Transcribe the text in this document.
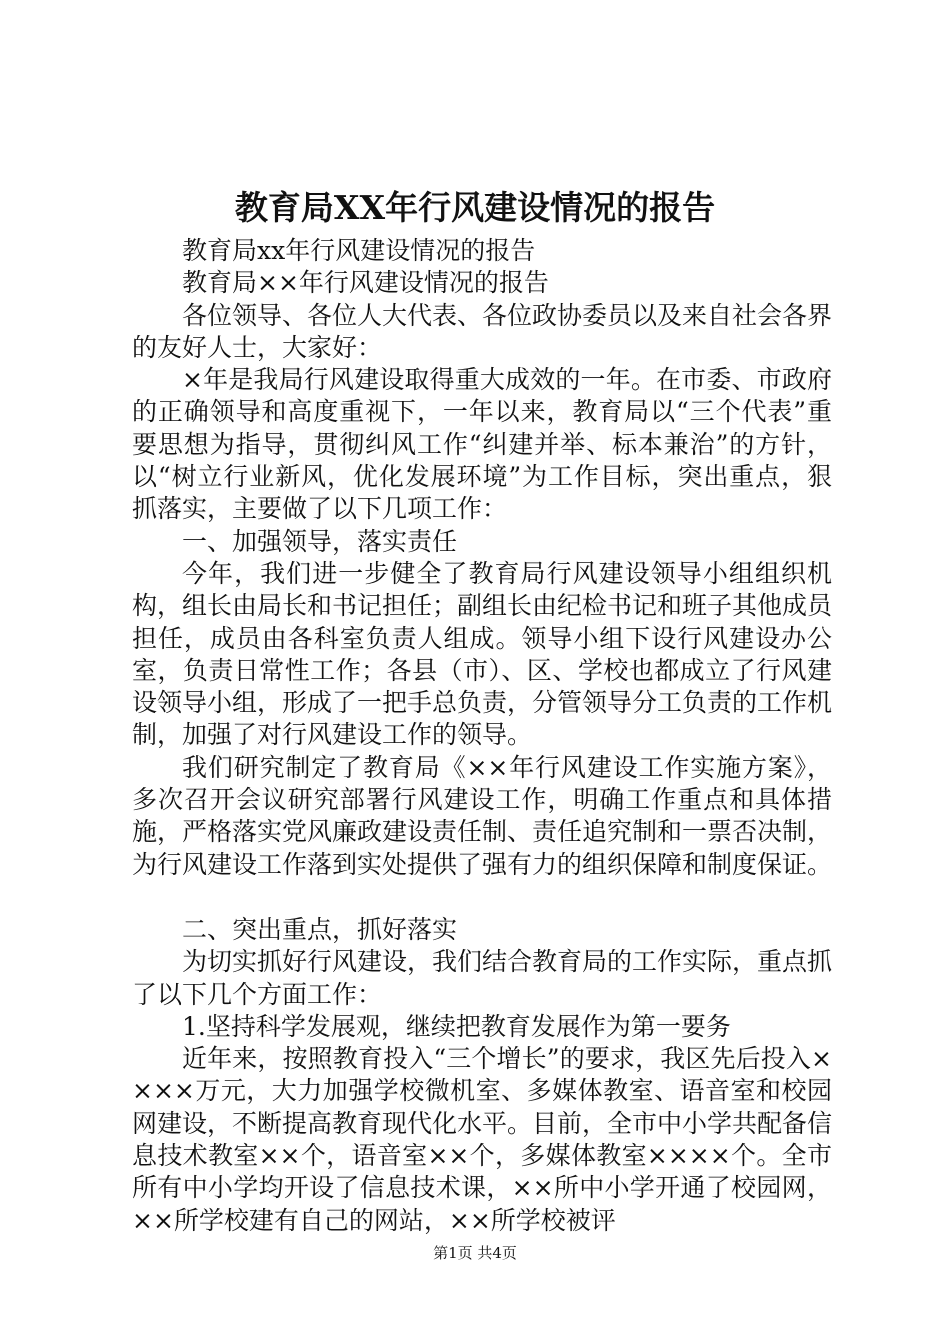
教育局XX年行风建设情况的报告

教育局xx年行风建设情况的报告

教育局××年行风建设情况的报告

各位领导、各位人大代表、各位政协委员以及来自社会各界的友好人士，大家好：

×年是我局行风建设取得重大成效的一年。在市委、市政府的正确领导和高度重视下，一年以来，教育局以“三个代表”重要思想为指导，贯彻纠风工作“纠建并举、标本兼治”的方针，以“树立行业新风，优化发展环境”为工作目标，突出重点，狠抓落实，主要做了以下几项工作：

一、加强领导，落实责任

今年，我们进一步健全了教育局行风建设领导小组组织机构，组长由局长和书记担任；副组长由纪检书记和班子其他成员担任，成员由各科室负责人组成。领导小组下设行风建设办公室，负责日常性工作；各县（市）、区、学校也都成立了行风建设领导小组，形成了一把手总负责，分管领导分工负责的工作机制，加强了对行风建设工作的领导。

我们研究制定了教育局《××年行风建设工作实施方案》，多次召开会议研究部署行风建设工作，明确工作重点和具体措施，严格落实党风廉政建设责任制、责任追究制和一票否决制，为行风建设工作落到实处提供了强有力的组织保障和制度保证。

二、突出重点，抓好落实

为切实抓好行风建设，我们结合教育局的工作实际，重点抓了以下几个方面工作：

1.坚持科学发展观，继续把教育发展作为第一要务

近年来，按照教育投入“三个增长”的要求，我区先后投入××××万元，大力加强学校微机室、多媒体教室、语音室和校园网建设，不断提高教育现代化水平。目前，全市中小学共配备信息技术教室××个，语音室××个，多媒体教室××××个。全市所有中小学均开设了信息技术课，××所中小学开通了校园网，××所学校建有自己的网站，××所学校被评

第1页 共4页
